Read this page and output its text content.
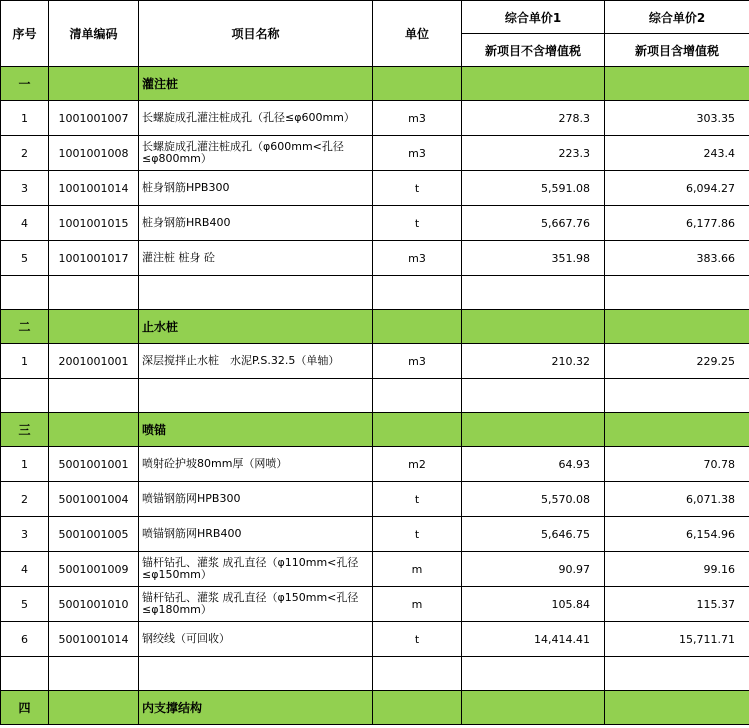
序号	清单编码	项目名称	单位	综合单价1	综合单价2
				新项目不含增值税	新项目含增值税
一		灌注桩			
1	1001001007	长螺旋成孔灌注桩成孔（孔径≤φ600mm）	m3	278.3	303.35
2	1001001008	长螺旋成孔灌注桩成孔（φ600mm<孔径≤φ800mm）	m3	223.3	243.4
3	1001001014	桩身钢筋HPB300	t	5,591.08	6,094.27
4	1001001015	桩身钢筋HRB400	t	5,667.76	6,177.86
5	1001001017	灌注桩 桩身 砼	m3	351.98	383.66

二		止水桩			
1	2001001001	深层搅拌止水桩　水泥P.S.32.5（单轴）	m3	210.32	229.25

三		喷锚			
1	5001001001	喷射砼护坡80mm厚（网喷）	m2	64.93	70.78
2	5001001004	喷锚钢筋网HPB300	t	5,570.08	6,071.38
3	5001001005	喷锚钢筋网HRB400	t	5,646.75	6,154.96
4	5001001009	锚杆钻孔、灌浆 成孔直径（φ110mm<孔径≤φ150mm）	m	90.97	99.16
5	5001001010	锚杆钻孔、灌浆 成孔直径（φ150mm<孔径≤φ180mm）	m	105.84	115.37
6	5001001014	钢绞线（可回收）	t	14,414.41	15,711.71

四		内支撑结构			
